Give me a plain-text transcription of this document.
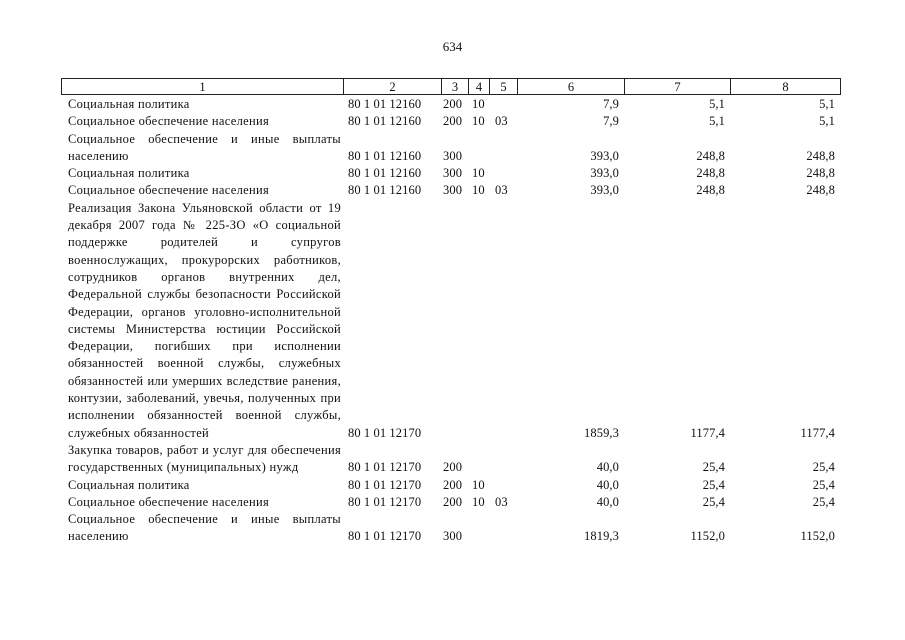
634
1	2	3	4	5	6	7	8
Социальная политика	80 1 01 12160	200	10		7,9	5,1	5,1
Социальное обеспечение населения	80 1 01 12160	200	10	03	7,9	5,1	5,1
Социальное обеспечение и иные выплаты населению	80 1 01 12160	300			393,0	248,8	248,8
Социальная политика	80 1 01 12160	300	10		393,0	248,8	248,8
Социальное обеспечение населения	80 1 01 12160	300	10	03	393,0	248,8	248,8
Реализация Закона Ульяновской области от 19 декабря 2007 года № 225-ЗО «О социальной поддержке родителей и супругов военнослужащих, прокурорских работников, сотрудников органов внутренних дел, Федеральной службы безопасности Российской Федерации, органов уголовно-исполнительной системы Министерства юстиции Российской Федерации, погибших при исполнении обязанностей военной службы, служебных обязанностей или умерших вследствие ранения, контузии, заболеваний, увечья, полученных при исполнении обязанностей военной службы, служебных обязанностей	80 1 01 12170				1859,3	1177,4	1177,4
Закупка товаров, работ и услуг для обеспечения государственных (муниципальных) нужд	80 1 01 12170	200			40,0	25,4	25,4
Социальная политика	80 1 01 12170	200	10		40,0	25,4	25,4
Социальное обеспечение населения	80 1 01 12170	200	10	03	40,0	25,4	25,4
Социальное обеспечение и иные выплаты населению	80 1 01 12170	300			1819,3	1152,0	1152,0
